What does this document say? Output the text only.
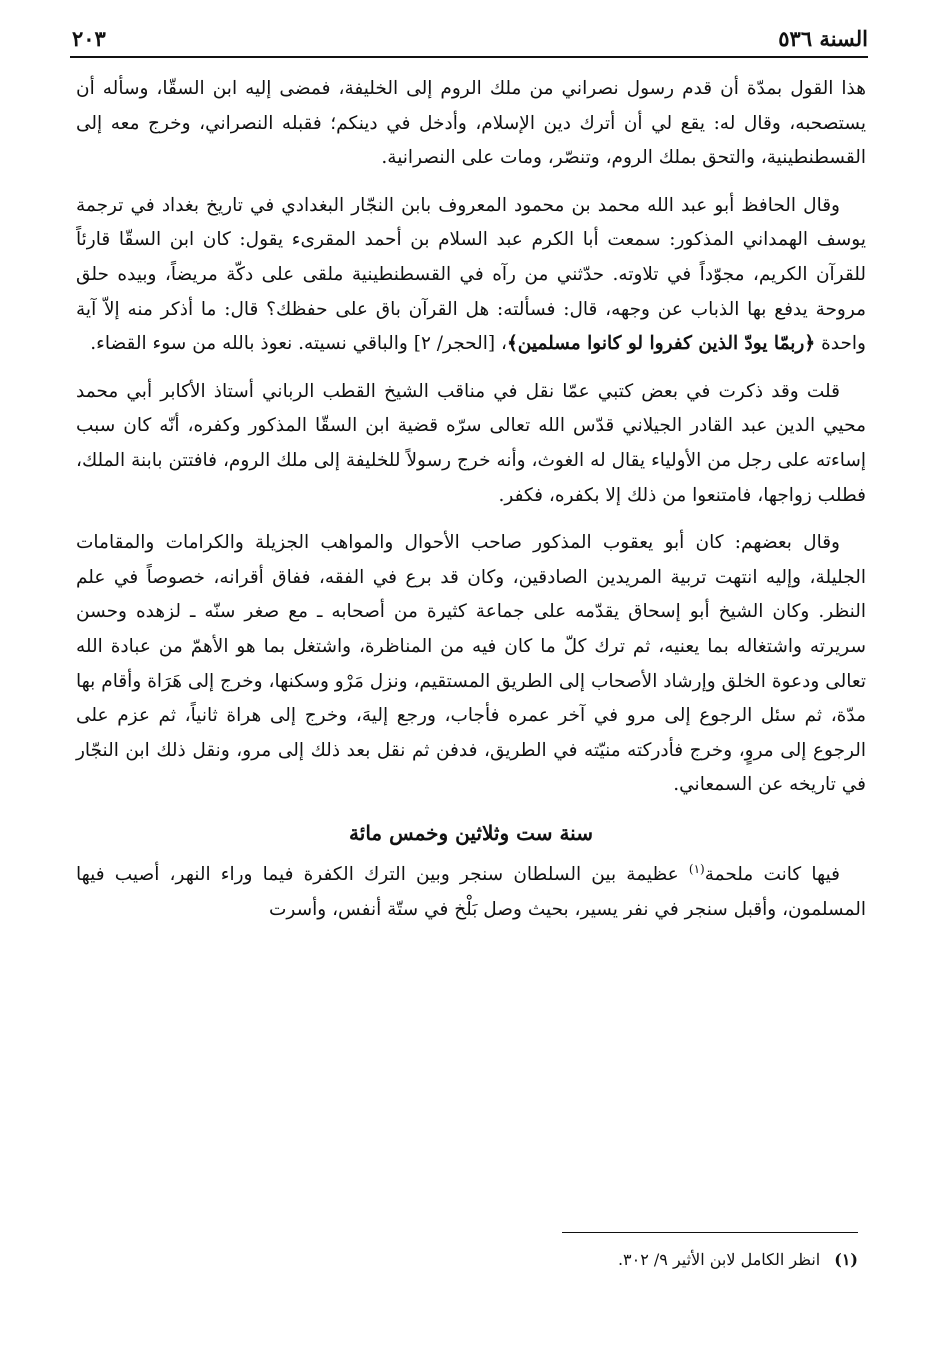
السنة ٥٣٦
٢٠٣

هذا القول بمدّة أن قدم رسول نصراني من ملك الروم إلى الخليفة، فمضى إليه ابن السقّا، وسأله أن يستصحبه، وقال له: يقع لي أن أترك دين الإسلام، وأدخل في دينكم؛ فقبله النصراني، وخرج معه إلى القسطنطينية، والتحق بملك الروم، وتنصّر، ومات على النصرانية.

وقال الحافظ أبو عبد الله محمد بن محمود المعروف بابن النجّار البغدادي في تاريخ بغداد في ترجمة يوسف الهمداني المذكور: سمعت أبا الكرم عبد السلام بن أحمد المقرىء يقول: كان ابن السقّا قارئاً للقرآن الكريم، مجوّداً في تلاوته. حدّثني من رآه في القسطنطينية ملقى على دكّة مريضاً، وبيده حلق مروحة يدفع بها الذباب عن وجهه، قال: فسألته: هل القرآن باق على حفظك؟ قال: ما أذكر منه إلاّ آية واحدة ﴿ربمّا يودّ الذين كفروا لو كانوا مسلمين﴾، [الحجر/ ٢] والباقي نسيته. نعوذ بالله من سوء القضاء.

قلت وقد ذكرت في بعض كتبي عمّا نقل في مناقب الشيخ القطب الرباني أستاذ الأكابر أبي محمد محيي الدين عبد القادر الجيلاني قدّس الله تعالى سرّه قضية ابن السقّا المذكور وكفره، أنّه كان سبب إساءته على رجل من الأولياء يقال له الغوث، وأنه خرج رسولاً للخليفة إلى ملك الروم، فافتتن بابنة الملك، فطلب زواجها، فامتنعوا من ذلك إلا بكفره، فكفر.

وقال بعضهم: كان أبو يعقوب المذكور صاحب الأحوال والمواهب الجزيلة والكرامات والمقامات الجليلة، وإليه انتهت تربية المريدين الصادقين، وكان قد برع في الفقه، ففاق أقرانه، خصوصاً في علم النظر. وكان الشيخ أبو إسحاق يقدّمه على جماعة كثيرة من أصحابه ـ مع صغر سنّه ـ لزهده وحسن سريرته واشتغاله بما يعنيه، ثم ترك كلّ ما كان فيه من المناظرة، واشتغل بما هو الأهمّ من عبادة الله تعالى ودعوة الخلق وإرشاد الأصحاب إلى الطريق المستقيم، ونزل مَرْو وسكنها، وخرج إلى هَرَاة وأقام بها مدّة، ثم سئل الرجوع إلى مرو في آخر عمره فأجاب، ورجع إليهَ، وخرج إلى هراة ثانياً، ثم عزم على الرجوع إلى مروٍ، وخرج فأدركته منيّته في الطريق، فدفن ثم نقل بعد ذلك إلى مرو، ونقل ذلك ابن النجّار في تاريخه عن السمعاني.

سنة ست وثلاثين وخمس مائة

فيها كانت ملحمة$^{(١)}$ عظيمة بين السلطان سنجر وبين الترك الكفرة فيما وراء النهر، أصيب فيها المسلمون، وأقبل سنجر في نفر يسير، بحيث وصل بَلْخ في ستّة أنفس، وأسرت

(١)انظر الكامل لابن الأثير ٩/ ٣٠٢.
